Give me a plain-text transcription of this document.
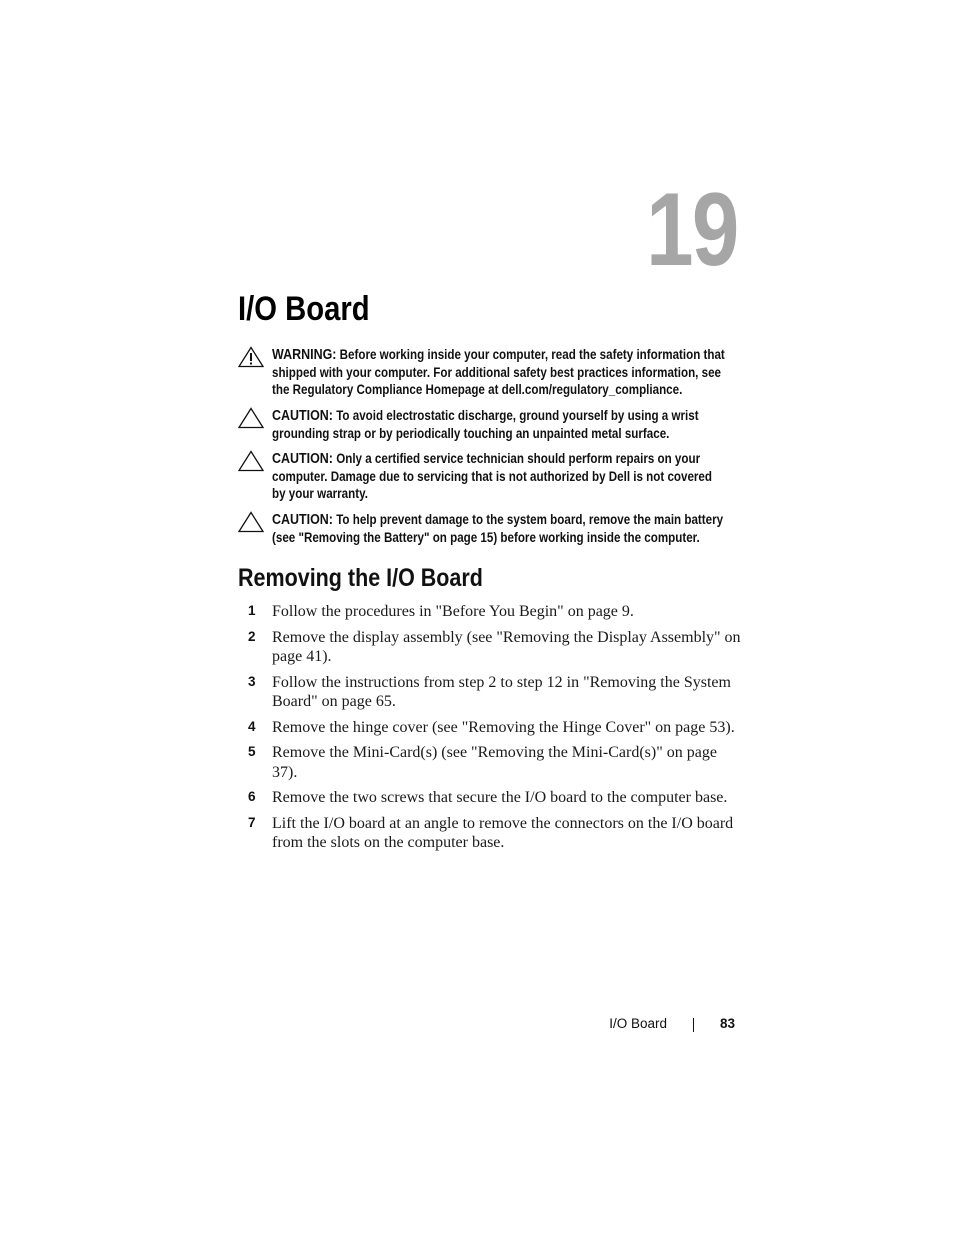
19
I/O Board
WARNING: Before working inside your computer, read the safety information that shipped with your computer. For additional safety best practices information, see the Regulatory Compliance Homepage at dell.com/regulatory_compliance.
CAUTION: To avoid electrostatic discharge, ground yourself by using a wrist grounding strap or by periodically touching an unpainted metal surface.
CAUTION: Only a certified service technician should perform repairs on your computer. Damage due to servicing that is not authorized by Dell is not covered by your warranty.
CAUTION: To help prevent damage to the system board, remove the main battery (see "Removing the Battery" on page 15) before working inside the computer.
Removing the I/O Board
1 Follow the procedures in "Before You Begin" on page 9.
2 Remove the display assembly (see "Removing the Display Assembly" on page 41).
3 Follow the instructions from step 2 to step 12 in "Removing the System Board" on page 65.
4 Remove the hinge cover (see "Removing the Hinge Cover" on page 53).
5 Remove the Mini-Card(s) (see "Removing the Mini-Card(s)" on page 37).
6 Remove the two screws that secure the I/O board to the computer base.
7 Lift the I/O board at an angle to remove the connectors on the I/O board from the slots on the computer base.
I/O Board	83
